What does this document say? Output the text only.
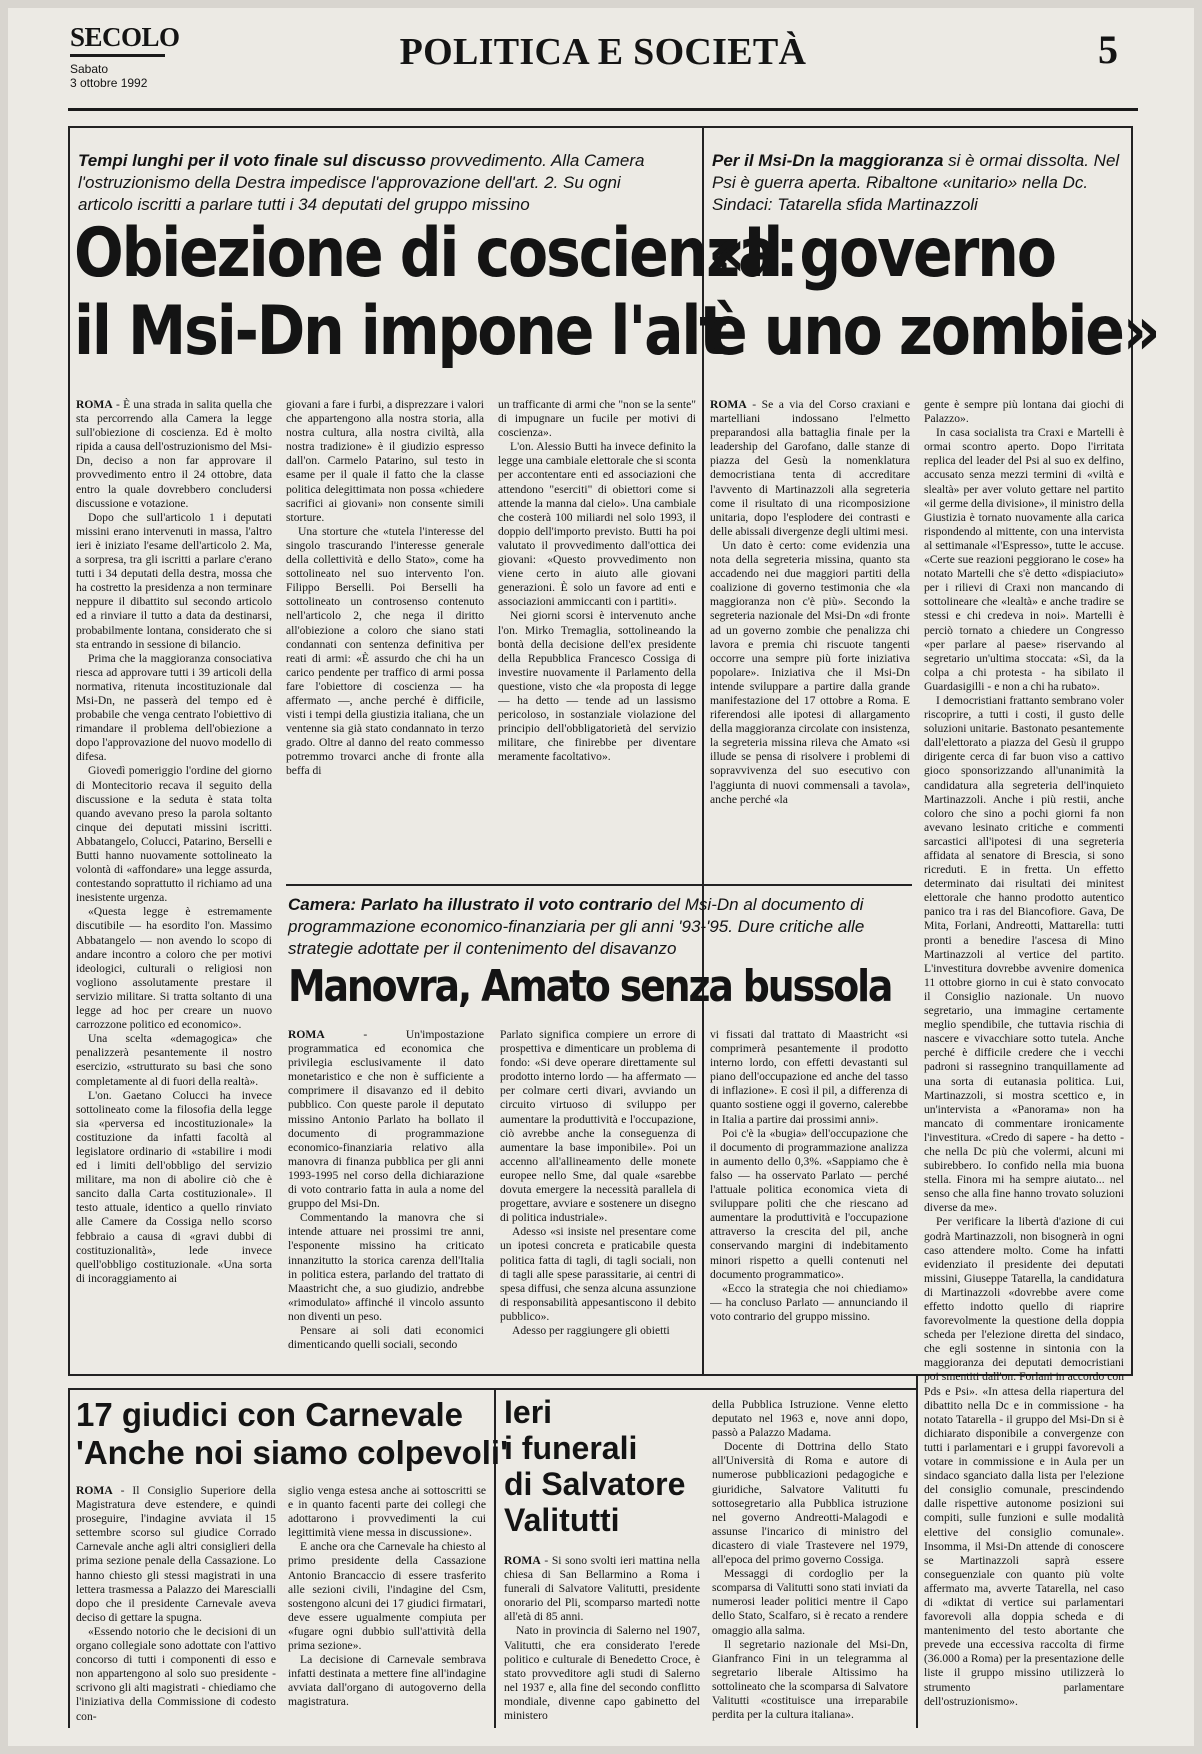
SECOLO
Sabato
3 ottobre 1992
POLITICA E SOCIETÀ	5
Tempi lunghi per il voto finale sul discusso provvedimento. Alla Camera l'ostruzionismo della Destra impedisce l'approvazione dell'art. 2. Su ogni articolo iscritti a parlare tutti i 34 deputati del gruppo missino
Obiezione di coscienza:
il Msi-Dn impone l'alt

ROMA - È una strada in salita quella che sta percorrendo alla Camera la legge sull'obiezione di coscienza. Ed è molto ripida a causa dell'ostruzionismo del Msi-Dn, deciso a non far approvare il provvedimento entro il 24 ottobre, data entro la quale dovrebbero concludersi discussione e votazione.

Dopo che sull'articolo 1 i deputati missini erano intervenuti in massa, l'altro ieri è iniziato l'esame dell'articolo 2. Ma, a sorpresa, tra gli iscritti a parlare c'erano tutti i 34 deputati della destra, mossa che ha costretto la presidenza a non terminare neppure il dibattito sul secondo articolo ed a rinviare il tutto a data da destinarsi, probabilmente lontana, considerato che si sta entrando in sessione di bilancio.

Prima che la maggioranza consociativa riesca ad approvare tutti i 39 articoli della normativa, ritenuta incostituzionale dal Msi-Dn, ne passerà del tempo ed è probabile che venga centrato l'obiettivo di rimandare il problema dell'obiezione a dopo l'approvazione del nuovo modello di difesa.

Giovedì pomeriggio l'ordine del giorno di Montecitorio recava il seguito della discussione e la seduta è stata tolta quando avevano preso la parola soltanto cinque dei deputati missini iscritti. Abbatangelo, Colucci, Patarino, Berselli e Butti hanno nuovamente sottolineato la volontà di «affondare» una legge assurda, contestando soprattutto il richiamo ad una inesistente urgenza.

«Questa legge è estremamente discutibile — ha esordito l'on. Massimo Abbatangelo — non avendo lo scopo di andare incontro a coloro che per motivi ideologici, culturali o religiosi non vogliono assolutamente prestare il servizio militare. Si tratta soltanto di una legge ad hoc per creare un nuovo carrozzone politico ed economico».

Una scelta «demagogica» che penalizzerà pesantemente il nostro esercizio, «strutturato su basi che sono completamente al di fuori della realtà».

L'on. Gaetano Colucci ha invece sottolineato come la filosofia della legge sia «perversa ed incostituzionale» la costituzione da infatti facoltà al legislatore ordinario di «stabilire i modi ed i limiti dell'obbligo del servizio militare, ma non di abolire ciò che è sancito dalla Carta costituzionale». Il testo attuale, identico a quello rinviato alle Camere da Cossiga nello scorso febbraio a causa di «gravi dubbi di costituzionalità», lede invece quell'obbligo costituzionale. «Una sorta di incoraggiamento ai

giovani a fare i furbi, a disprezzare i valori che appartengono alla nostra storia, alla nostra cultura, alla nostra civiltà, alla nostra tradizione» è il giudizio espresso dall'on. Carmelo Patarino, sul testo in esame per il quale il fatto che la classe politica delegittimata non possa «chiedere sacrifici ai giovani» non consente simili storture.

Una storture che «tutela l'interesse del singolo trascurando l'interesse generale della collettività e dello Stato», come ha sottolineato nel suo intervento l'on. Filippo Berselli. Poi Berselli ha sottolineato un controsenso contenuto nell'articolo 2, che nega il diritto all'obiezione a coloro che siano stati condannati con sentenza definitiva per reati di armi: «È assurdo che chi ha un carico pendente per traffico di armi possa fare l'obiettore di coscienza — ha affermato —, anche perché è difficile, visti i tempi della giustizia italiana, che un ventenne sia già stato condannato in terzo grado. Oltre al danno del reato commesso potremmo trovarci anche di fronte alla beffa di

un trafficante di armi che "non se la sente" di impugnare un fucile per motivi di coscienza».

L'on. Alessio Butti ha invece definito la legge una cambiale elettorale che si sconta per accontentare enti ed associazioni che attendono "eserciti" di obiettori come si attende la manna dal cielo». Una cambiale che costerà 100 miliardi nel solo 1993, il doppio dell'importo previsto. Butti ha poi valutato il provvedimento dall'ottica dei giovani: «Questo provvedimento non viene certo in aiuto alle giovani generazioni. È solo un favore ad enti e associazioni ammiccanti con i partiti».

Nei giorni scorsi è intervenuto anche l'on. Mirko Tremaglia, sottolineando la bontà della decisione dell'ex presidente della Repubblica Francesco Cossiga di investire nuovamente il Parlamento della questione, visto che «la proposta di legge — ha detto — tende ad un lassismo pericoloso, in sostanziale violazione del principio dell'obbligatorietà del servizio militare, che finirebbe per diventare meramente facoltativo».

Per il Msi-Dn la maggioranza si è ormai dissolta. Nel Psi è guerra aperta. Ribaltone «unitario» nella Dc. Sindaci: Tatarella sfida Martinazzoli
«Il governo
è uno zombie»

ROMA - Se a via del Corso craxiani e martelliani indossano l'elmetto preparandosi alla battaglia finale per la leadership del Garofano, dalle stanze di piazza del Gesù la nomenklatura democristiana tenta di accreditare l'avvento di Martinazzoli alla segreteria come il risultato di una ricomposizione unitaria, dopo l'esplodere dei contrasti e delle abissali divergenze degli ultimi mesi.

Un dato è certo: come evidenzia una nota della segreteria missina, quanto sta accadendo nei due maggiori partiti della coalizione di governo testimonia che «la maggioranza non c'è più». Secondo la segreteria nazionale del Msi-Dn «di fronte ad un governo zombie che penalizza chi lavora e premia chi riscuote tangenti occorre una sempre più forte iniziativa popolare». Iniziativa che il Msi-Dn intende sviluppare a partire dalla grande manifestazione del 17 ottobre a Roma. E riferendosi alle ipotesi di allargamento della maggioranza circolate con insistenza, la segreteria missina rileva che Amato «si illude se pensa di risolvere i problemi di sopravvivenza del suo esecutivo con l'aggiunta di nuovi commensali a tavola», anche perché «la

gente è sempre più lontana dai giochi di Palazzo».

In casa socialista tra Craxi e Martelli è ormai scontro aperto. Dopo l'irritata replica del leader del Psi al suo ex delfino, accusato senza mezzi termini di «viltà e slealtà» per aver voluto gettare nel partito «il germe della divisione», il ministro della Giustizia è tornato nuovamente alla carica rispondendo al mittente, con una intervista al settimanale «l'Espresso», tutte le accuse. «Certe sue reazioni peggiorano le cose» ha notato Martelli che s'è detto «dispiaciuto» per i rilievi di Craxi non mancando di sottolineare che «lealtà» e anche tradire se stessi e chi credeva in noi». Martelli è perciò tornato a chiedere un Congresso «per parlare al paese» riservando al segretario un'ultima stoccata: «Sì, da la colpa a chi protesta - ha sibilato il Guardasigilli - e non a chi ha rubato».

I democristiani frattanto sembrano voler riscoprire, a tutti i costi, il gusto delle soluzioni unitarie. Bastonato pesantemente dall'elettorato a piazza del Gesù il gruppo dirigente cerca di far buon viso a cattivo gioco sponsorizzando all'unanimità la candidatura alla segreteria dell'inquieto Martinazzoli. Anche i più restii, anche coloro che sino a pochi giorni fa non avevano lesinato critiche e commenti sarcastici all'ipotesi di una segreteria affidata al senatore di Brescia, si sono ricreduti. E in fretta. Un effetto determinato dai risultati dei minitest elettorale che hanno prodotto autentico panico tra i ras del Biancofiore. Gava, De Mita, Forlani, Andreotti, Mattarella: tutti pronti a benedire l'ascesa di Mino Martinazzoli al vertice del partito. L'investitura dovrebbe avvenire domenica 11 ottobre giorno in cui è stato convocato il Consiglio nazionale. Un nuovo segretario, una immagine certamente meglio spendibile, che tuttavia rischia di nascere e vivacchiare sotto tutela. Anche perché è difficile credere che i vecchi padroni si rassegnino tranquillamente ad una sorta di eutanasia politica. Lui, Martinazzoli, si mostra scettico e, in un'intervista a «Panorama» non ha mancato di commentare ironicamente l'investitura. «Credo di sapere - ha detto - che nella Dc più che volermi, alcuni mi subirebbero. Io confido nella mia buona stella. Finora mi ha sempre aiutato... nel senso che alla fine hanno trovato soluzioni diverse da me».

Per verificare la libertà d'azione di cui godrà Martinazzoli, non bisognerà in ogni caso attendere molto. Come ha infatti evidenziato il presidente dei deputati missini, Giuseppe Tatarella, la candidatura di Martinazzoli «dovrebbe avere come effetto indotto quello di riaprire favorevolmente la questione della doppia scheda per l'elezione diretta del sindaco, che egli sostenne in sintonia con la maggioranza dei deputati democristiani poi smentiti dall'on. Forlani in accordo con Pds e Psi». «In attesa della riapertura del dibattito nella Dc e in commissione - ha notato Tatarella - il gruppo del Msi-Dn si è dichiarato disponibile a convergenze con tutti i parlamentari e i gruppi favorevoli a votare in commissione e in Aula per un sindaco sganciato dalla lista per l'elezione del consiglio comunale, prescindendo dalle rispettive autonome posizioni sui compiti, sulle funzioni e sulle modalità elettive del consiglio comunale». Insomma, il Msi-Dn attende di conoscere se Martinazzoli saprà essere conseguenziale con quanto più volte affermato ma, avverte Tatarella, nel caso di «diktat di vertice sui parlamentari favorevoli alla doppia scheda e di mantenimento del testo abortante che prevede una eccessiva raccolta di firme (36.000 a Roma) per la presentazione delle liste il gruppo missino utilizzerà lo strumento parlamentare dell'ostruzionismo».

Camera: Parlato ha illustrato il voto contrario del Msi-Dn al documento di programmazione economico-finanziaria per gli anni '93-'95. Dure critiche alle strategie adottate per il contenimento del disavanzo
Manovra, Amato senza bussola

ROMA - Un'impostazione programmatica ed economica che privilegia esclusivamente il dato monetaristico e che non è sufficiente a comprimere il disavanzo ed il debito pubblico. Con queste parole il deputato missino Antonio Parlato ha bollato il documento di programmazione economico-finanziaria relativo alla manovra di finanza pubblica per gli anni 1993-1995 nel corso della dichiarazione di voto contrario fatta in aula a nome del gruppo del Msi-Dn.

Commentando la manovra che si intende attuare nei prossimi tre anni, l'esponente missino ha criticato innanzitutto la storica carenza dell'Italia in politica estera, parlando del trattato di Maastricht che, a suo giudizio, andrebbe «rimodulato» affinché il vincolo assunto non diventi un peso.

Pensare ai soli dati economici dimenticando quelli sociali, secondo

Parlato significa compiere un errore di prospettiva e dimenticare un problema di fondo: «Si deve operare direttamente sul prodotto interno lordo — ha affermato — per colmare certi divari, avviando un circuito virtuoso di sviluppo per aumentare la produttività e l'occupazione, ciò avrebbe anche la conseguenza di aumentare la base imponibile». Poi un accenno all'allineamento delle monete europee nello Sme, dal quale «sarebbe dovuta emergere la necessità parallela di progettare, avviare e sostenere un disegno di politica industriale».

Adesso «si insiste nel presentare come un ipotesi concreta e praticabile questa politica fatta di tagli, di tagli sociali, non di tagli alle spese parassitarie, ai centri di spesa diffusi, che senza alcuna assunzione di responsabilità appesantiscono il debito pubblico».

Adesso per raggiungere gli obietti

vi fissati dal trattato di Maastricht «si comprimerà pesantemente il prodotto interno lordo, con effetti devastanti sul piano dell'occupazione ed anche del tasso di inflazione». E così il pil, a differenza di quanto sostiene oggi il governo, calerebbe in Italia a partire dai prossimi anni».

Poi c'è la «bugia» dell'occupazione che il documento di programmazione analizza in aumento dello 0,3%. «Sappiamo che è falso — ha osservato Parlato — perché l'attuale politica economica vieta di sviluppare politi che che riescano ad aumentare la produttività e l'occupazione attraverso la crescita del pil, anche conservando margini di indebitamento minori rispetto a quelli contenuti nel documento programmatico».

«Ecco la strategia che noi chiediamo» — ha concluso Parlato — annunciando il voto contrario del gruppo missino.

17 giudici con Carnevale
'Anche noi siamo colpevoli'

ROMA - Il Consiglio Superiore della Magistratura deve estendere, e quindi proseguire, l'indagine avviata il 15 settembre scorso sul giudice Corrado Carnevale anche agli altri consiglieri della prima sezione penale della Cassazione. Lo hanno chiesto gli stessi magistrati in una lettera trasmessa a Palazzo dei Marescialli dopo che il presidente Carnevale aveva deciso di gettare la spugna.

«Essendo notorio che le decisioni di un organo collegiale sono adottate con l'attivo concorso di tutti i componenti di esso e non appartengono al solo suo presidente - scrivono gli alti magistrati - chiediamo che l'iniziativa della Commissione di codesto con-

siglio venga estesa anche ai sottoscritti se e in quanto facenti parte dei collegi che adottarono i provvedimenti la cui legittimità viene messa in discussione».

E anche ora che Carnevale ha chiesto al primo presidente della Cassazione Antonio Brancaccio di essere trasferito alle sezioni civili, l'indagine del Csm, sostengono alcuni dei 17 giudici firmatari, deve essere ugualmente compiuta per «fugare ogni dubbio sull'attività della prima sezione».

La decisione di Carnevale sembrava infatti destinata a mettere fine all'indagine avviata dall'organo di autogoverno della magistratura.

Ieri
i funerali
di Salvatore
Valitutti

ROMA - Si sono svolti ieri mattina nella chiesa di San Bellarmino a Roma i funerali di Salvatore Valitutti, presidente onorario del Pli, scomparso martedì notte all'età di 85 anni.

Nato in provincia di Salerno nel 1907, Valitutti, che era considerato l'erede politico e culturale di Benedetto Croce, è stato provveditore agli studi di Salerno nel 1937 e, alla fine del secondo conflitto mondiale, divenne capo gabinetto del ministero

della Pubblica Istruzione. Venne eletto deputato nel 1963 e, nove anni dopo, passò a Palazzo Madama.

Docente di Dottrina dello Stato all'Università di Roma e autore di numerose pubblicazioni pedagogiche e giuridiche, Salvatore Valitutti fu sottosegretario alla Pubblica istruzione nel governo Andreotti-Malagodi e assunse l'incarico di ministro del dicastero di viale Trastevere nel 1979, all'epoca del primo governo Cossiga.

Messaggi di cordoglio per la scomparsa di Valitutti sono stati inviati da numerosi leader politici mentre il Capo dello Stato, Scalfaro, si è recato a rendere omaggio alla salma.

Il segretario nazionale del Msi-Dn, Gianfranco Fini in un telegramma al segretario liberale Altissimo ha sottolineato che la scomparsa di Salvatore Valitutti «costituisce una irreparabile perdita per la cultura italiana».
